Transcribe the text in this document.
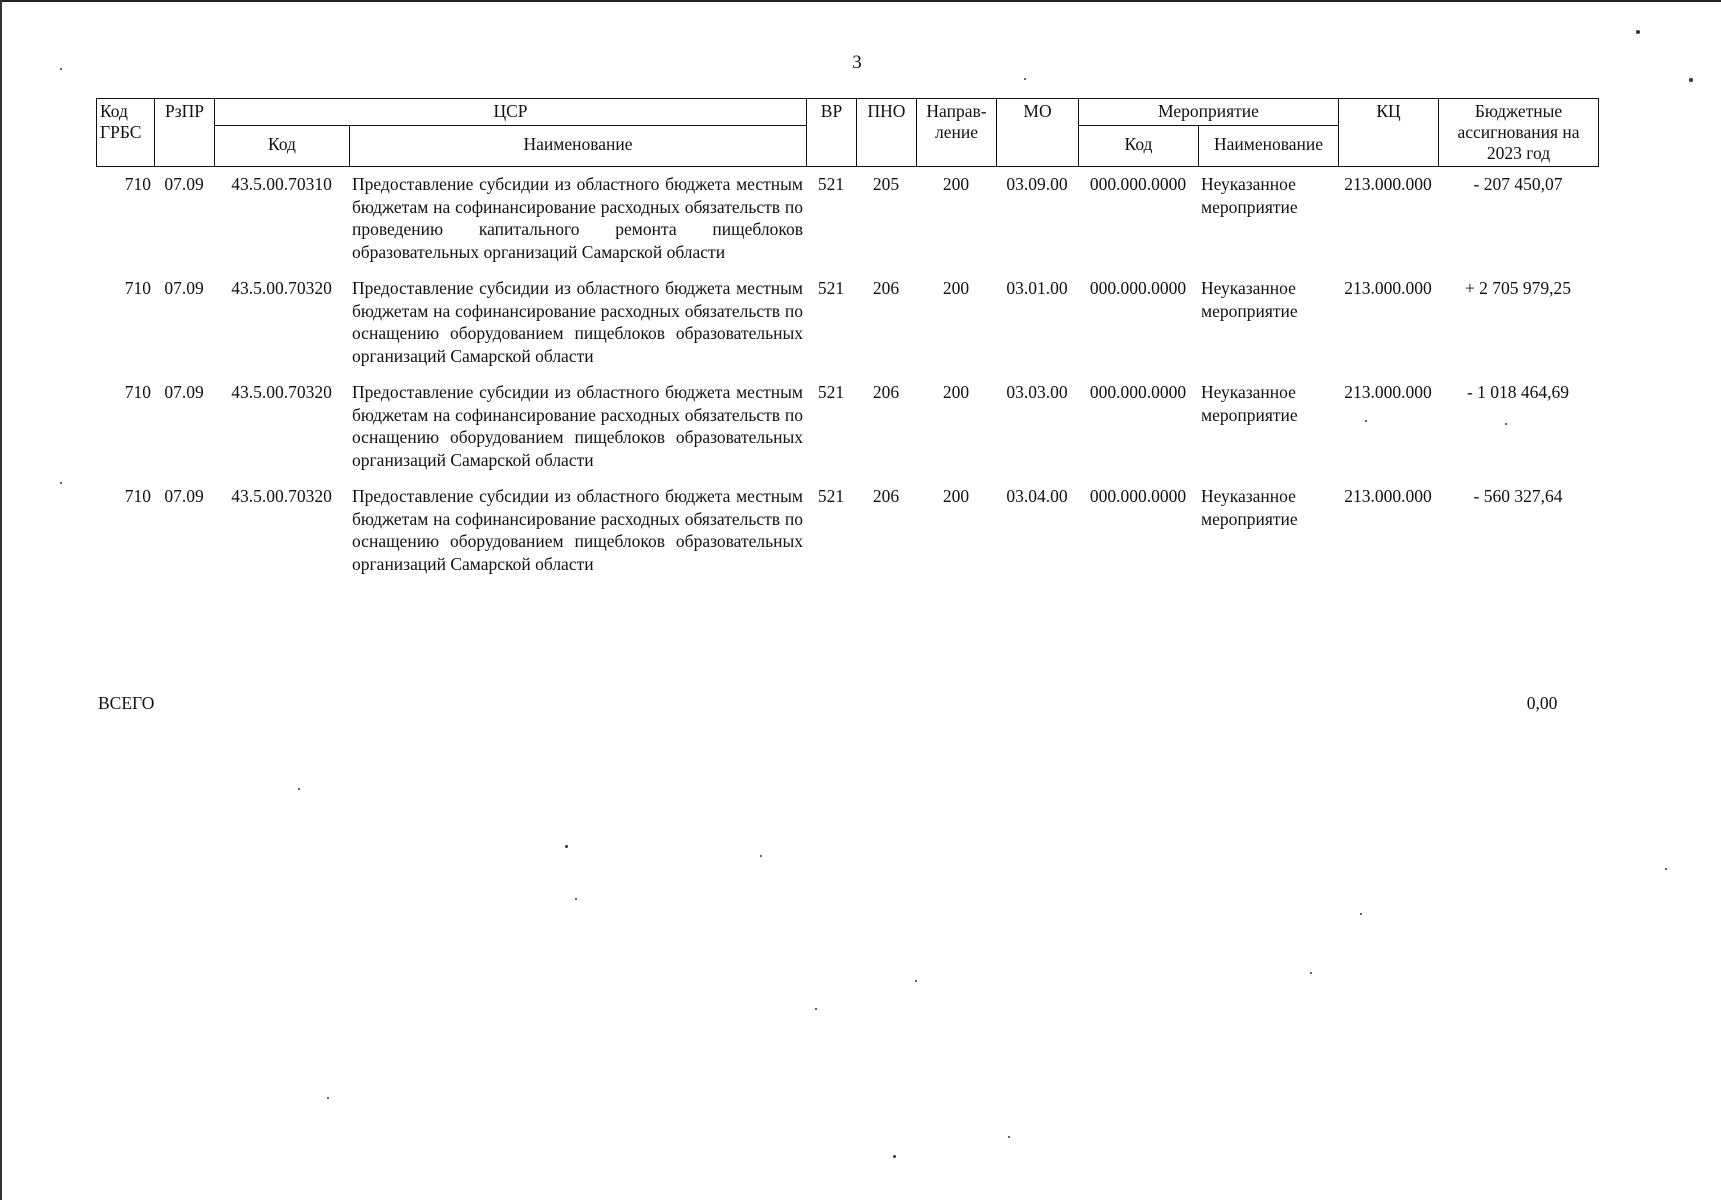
3
Код ГРБС	РзПР	ЦСР		ВР	ПНО	Направ-ление	МО	Мероприятие		КЦ	Бюджетные ассигнования на 2023 год
		Код	Наименование					Код	Наименование		
710	07.09	43.5.00.70310	Предоставление субсидии из областного бюджета местным бюджетам на софинансирование расходных обязательств по проведению капитального ремонта пищеблоков образовательных организаций Самарской области	521	205	200	03.09.00	000.000.0000	Неуказанное мероприятие	213.000.000	- 207 450,07
710	07.09	43.5.00.70320	Предоставление субсидии из областного бюджета местным бюджетам на софинансирование расходных обязательств по оснащению оборудованием пищеблоков образовательных организаций Самарской области	521	206	200	03.01.00	000.000.0000	Неуказанное мероприятие	213.000.000	+ 2 705 979,25
710	07.09	43.5.00.70320	Предоставление субсидии из областного бюджета местным бюджетам на софинансирование расходных обязательств по оснащению оборудованием пищеблоков образовательных организаций Самарской области	521	206	200	03.03.00	000.000.0000	Неуказанное мероприятие	213.000.000	- 1 018 464,69
710	07.09	43.5.00.70320	Предоставление субсидии из областного бюджета местным бюджетам на софинансирование расходных обязательств по оснащению оборудованием пищеблоков образовательных организаций Самарской области	521	206	200	03.04.00	000.000.0000	Неуказанное мероприятие	213.000.000	- 560 327,64
ВСЕГО	0,00
